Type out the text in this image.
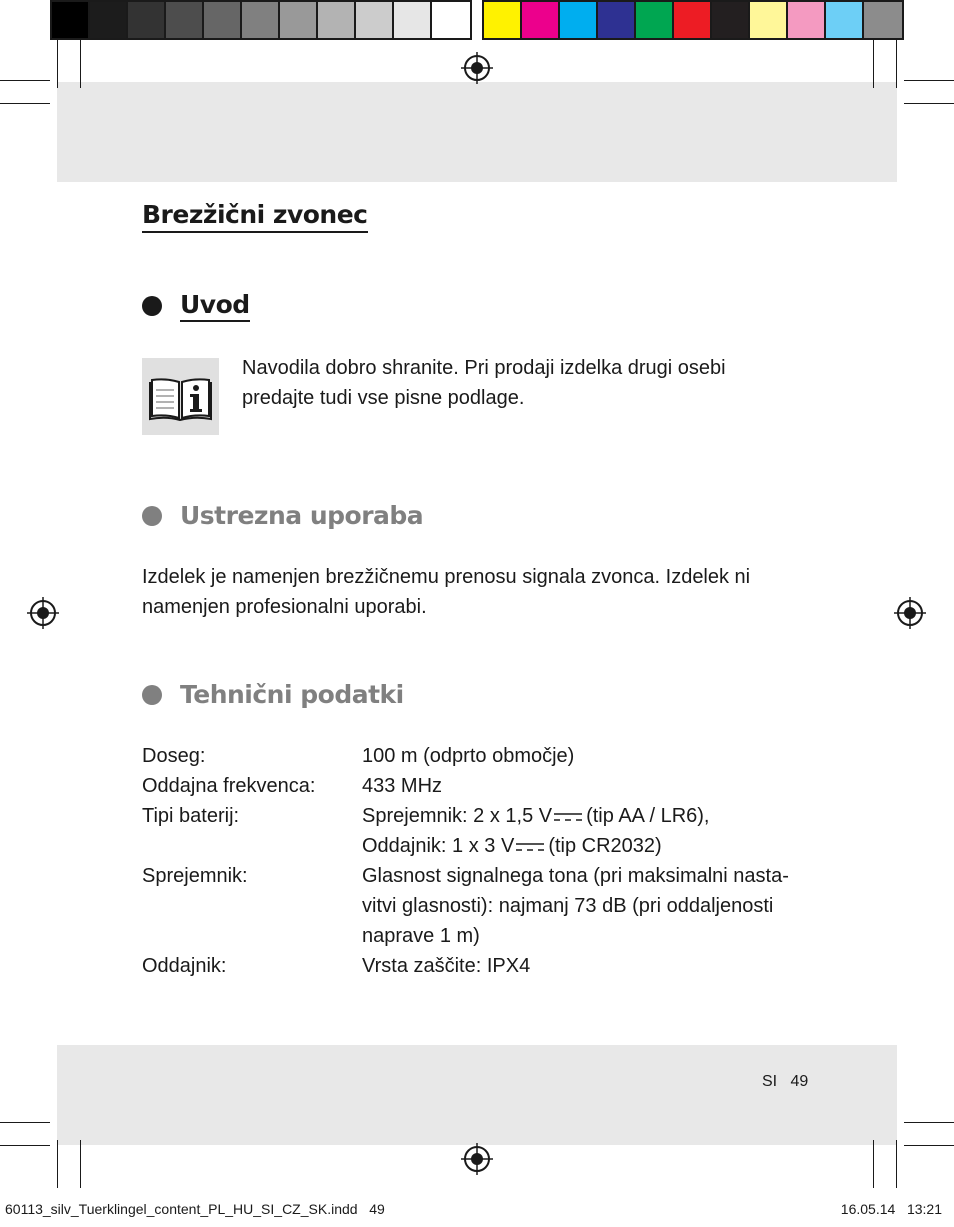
Brezžični zvonec
Uvod
Navodila dobro shranite. Pri prodaji izdelka drugi osebi
predajte tudi vse pisne podlage.
Ustrezna uporaba
Izdelek je namenjen brezžičnemu prenosu signala zvonca. Izdelek ni
namenjen profesionalni uporabi.
Tehnični podatki
Doseg:	100 m (odprto območje)
Oddajna frekvenca:	433 MHz
Tipi baterij:	Sprejemnik: 2 x 1,5 V (tip AA / LR6),
Oddajnik: 1 x 3 V (tip CR2032)
Sprejemnik:	Glasnost signalnega tona (pri maksimalni nasta-
vitvi glasnosti): najmanj 73 dB (pri oddaljenosti
naprave 1 m)
Oddajnik:	Vrsta zaščite: IPX4
SI 49
60113_silv_Tuerklingel_content_PL_HU_SI_CZ_SK.indd   49	16.05.14   13:21
